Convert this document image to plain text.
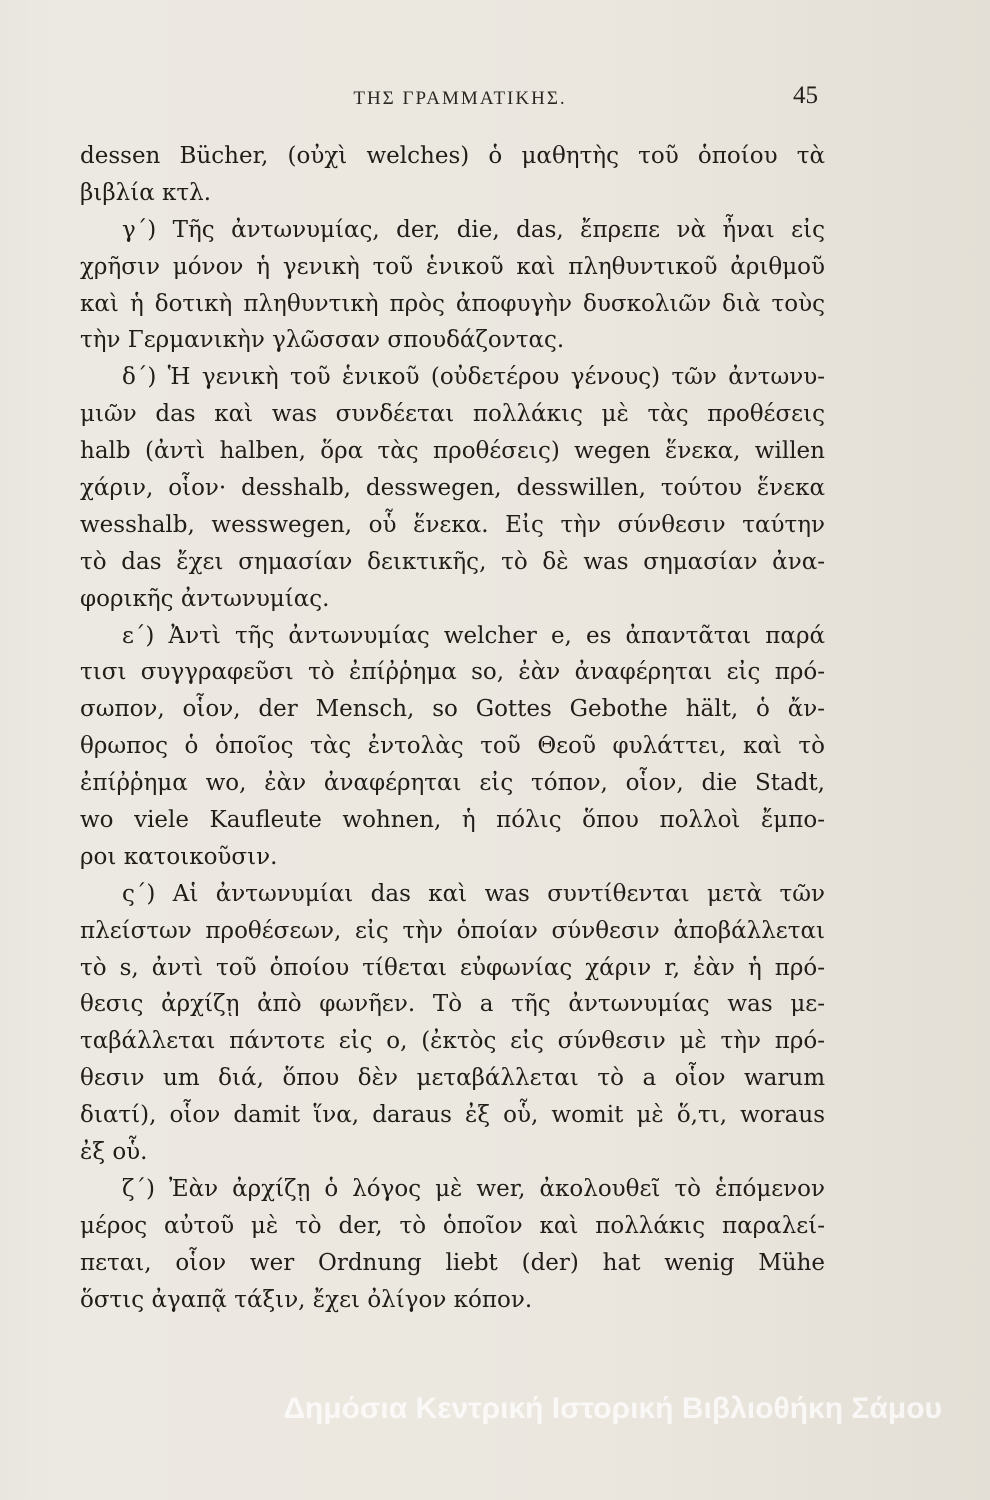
ΤΗΣ ΓΡΑΜΜΑΤΙΚΗΣ.	45
dessen Bücher, (οὐχὶ welches) ὁ μαθητὴς τοῦ ὁποίου τὰ
βιβλία κτλ.
γ΄) Τῆς ἀντωνυμίας, der, die, das, ἔπρεπε νὰ ἦναι εἰς
χρῆσιν μόνον ἡ γενικὴ τοῦ ἑνικοῦ καὶ πληθυντικοῦ ἀριθμοῦ
καὶ ἡ δοτικὴ πληθυντικὴ πρὸς ἀποφυγὴν δυσκολιῶν διὰ τοὺς
τὴν Γερμανικὴν γλῶσσαν σπουδάζοντας.
δ΄) Ἡ γενικὴ τοῦ ἑνικοῦ (οὐδετέρου γένους) τῶν ἀντωνυ-
μιῶν das καὶ was συνδέεται πολλάκις μὲ τὰς προθέσεις
halb (ἀντὶ halben, ὅρα τὰς προθέσεις) wegen ἕνεκα, willen
χάριν, οἷον· desshalb, desswegen, desswillen, τούτου ἕνεκα
wesshalb, wesswegen, οὗ ἕνεκα. Εἰς τὴν σύνθεσιν ταύτην
τὸ das ἔχει σημασίαν δεικτικῆς, τὸ δὲ was σημασίαν ἀνα-
φορικῆς ἀντωνυμίας.
ε΄) Ἀντὶ τῆς ἀντωνυμίας welcher e, es ἀπαντᾶται παρά
τισι συγγραφεῦσι τὸ ἐπίῤῥημα so, ἐὰν ἀναφέρηται εἰς πρό-
σωπον, οἷον, der Mensch, so Gottes Gebothe hält, ὁ ἄν-
θρωπος ὁ ὁποῖος τὰς ἐντολὰς τοῦ Θεοῦ φυλάττει, καὶ τὸ
ἐπίῤῥημα wo, ἐὰν ἀναφέρηται εἰς τόπον, οἷον, die Stadt,
wo viele Kaufleute wohnen, ἡ πόλις ὅπου πολλοὶ ἔμπο-
ροι κατοικοῦσιν.
ς΄) Αἱ ἀντωνυμίαι das καὶ was συντίθενται μετὰ τῶν
πλείστων προθέσεων, εἰς τὴν ὁποίαν σύνθεσιν ἀποβάλλεται
τὸ s, ἀντὶ τοῦ ὁποίου τίθεται εὐφωνίας χάριν r, ἐὰν ἡ πρό-
θεσις ἀρχίζῃ ἀπὸ φωνῆεν. Τὸ a τῆς ἀντωνυμίας was με-
ταβάλλεται πάντοτε εἰς o, (ἐκτὸς εἰς σύνθεσιν μὲ τὴν πρό-
θεσιν um διά, ὅπου δὲν μεταβάλλεται τὸ a οἷον warum
διατί), οἷον damit ἵνα, daraus ἐξ οὗ, womit μὲ ὅ,τι, woraus
ἐξ οὗ.
ζ΄) Ἐὰν ἀρχίζῃ ὁ λόγος μὲ wer, ἀκολουθεῖ τὸ ἑπόμενον
μέρος αὐτοῦ μὲ τὸ der, τὸ ὁποῖον καὶ πολλάκις παραλεί-
πεται, οἷον wer Ordnung liebt (der) hat wenig Mühe
ὅστις ἀγαπᾷ τάξιν, ἔχει ὀλίγον κόπον.
Δημόσια Κεντρική Ιστορική Βιβλιοθήκη Σάμου
